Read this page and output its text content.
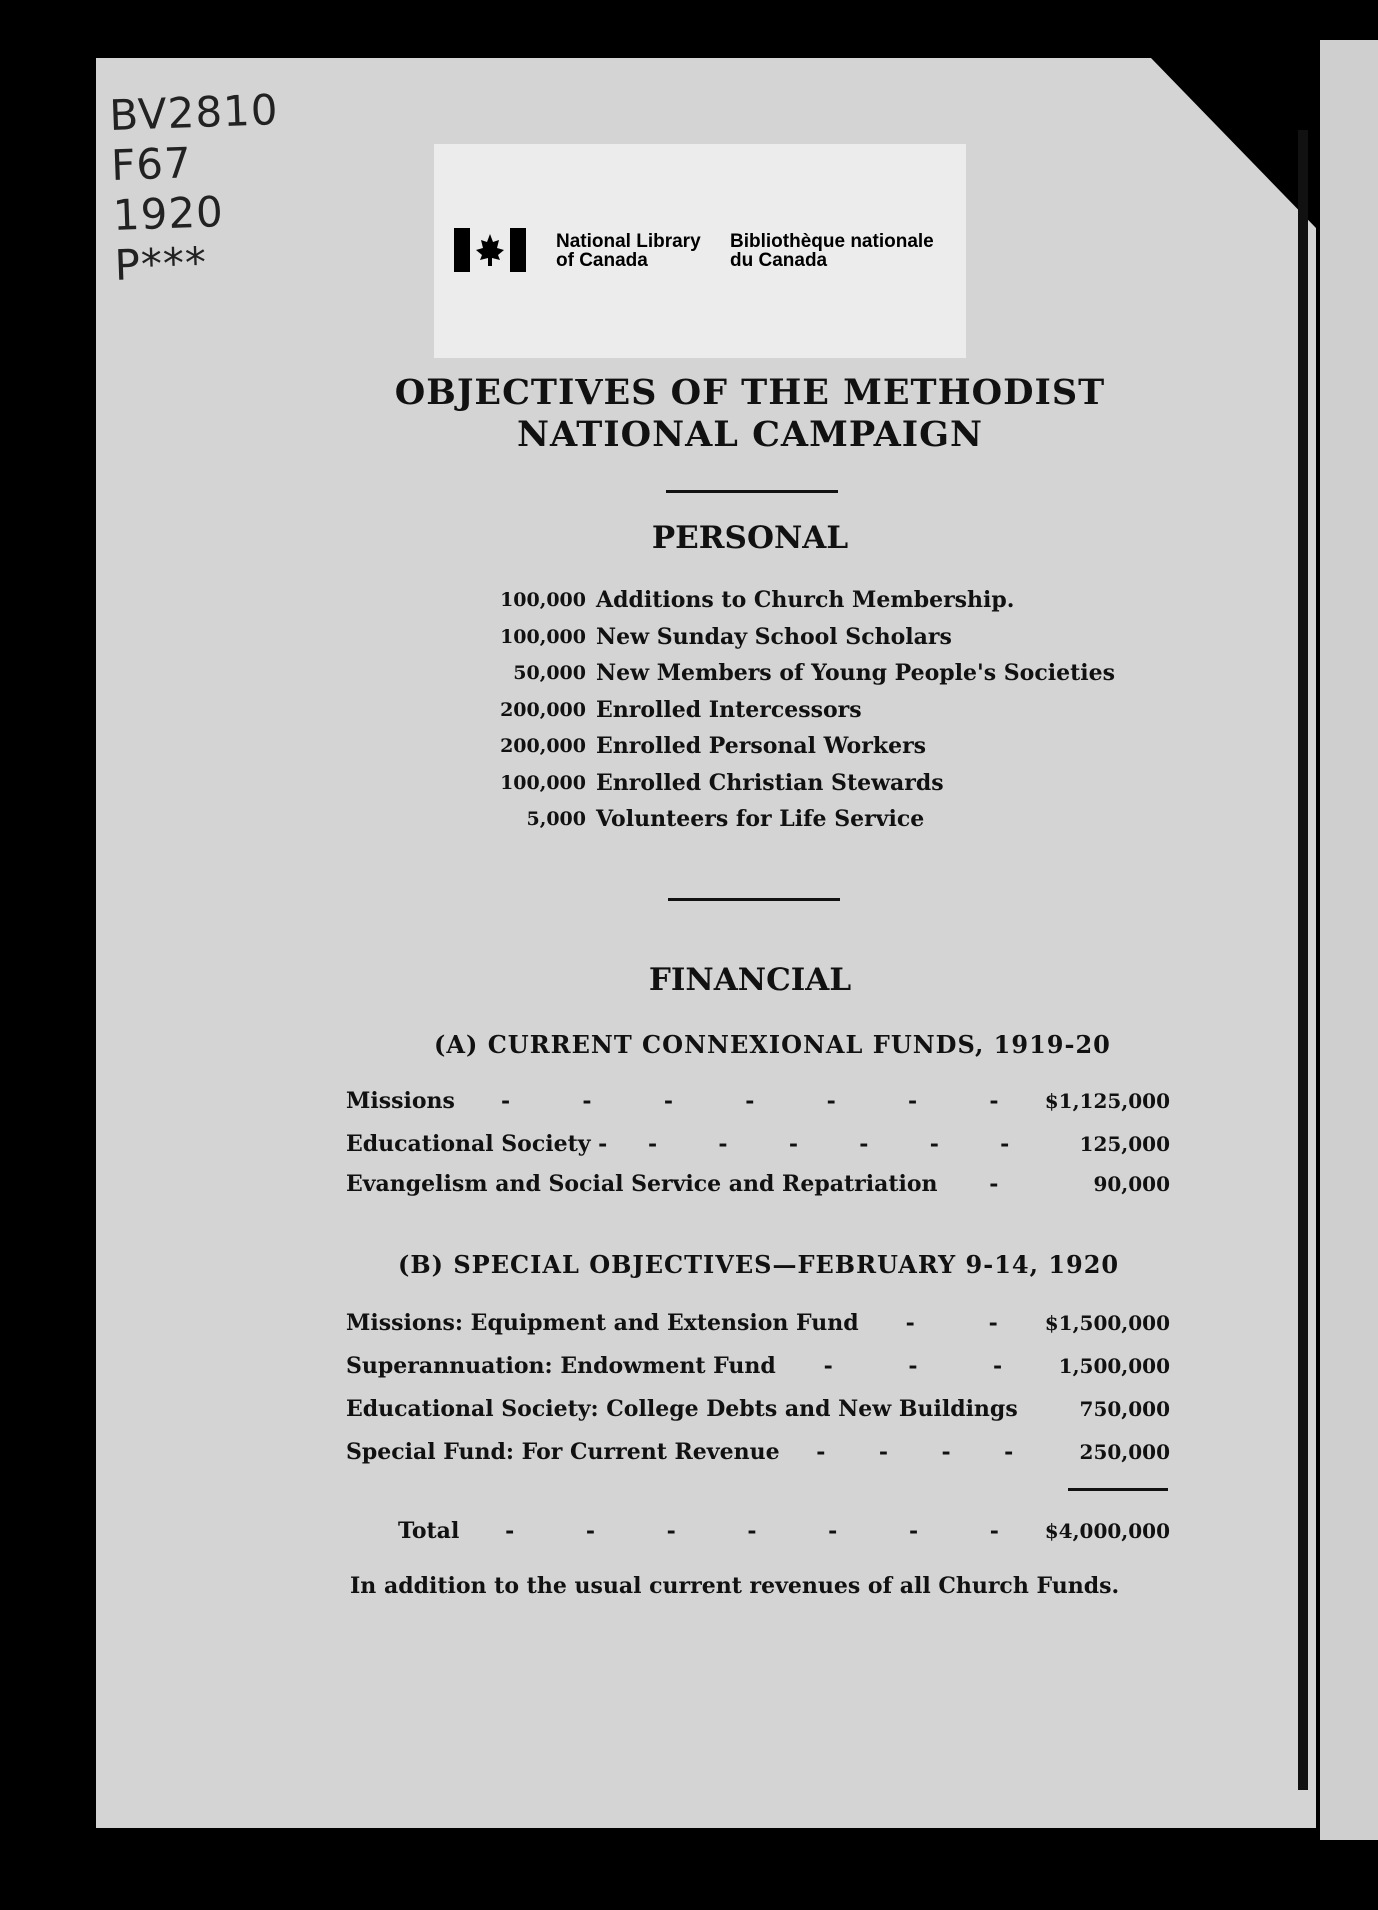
BV2810
F67
1920
P***	National Library
of Canada
Bibliothèque nationale
du Canada
OBJECTIVES OF THE METHODIST
NATIONAL CAMPAIGN
PERSONAL
100,000 Additions to Church Membership.
100,000 New Sunday School Scholars
50,000 New Members of Young People's Societies
200,000 Enrolled Intercessors
200,000 Enrolled Personal Workers
100,000 Enrolled Christian Stewards
5,000 Volunteers for Life Service
FINANCIAL
(A) CURRENT CONNEXIONAL FUNDS, 1919-20
Missions -	-	-	-	-	-	- $1,125,000
Educational Society - -	-	-	-	-	-	125,000
Evangelism and Social Service and Repatriation -	90,000
(B) SPECIAL OBJECTIVES—FEBRUARY 9-14, 1920
Missions: Equipment and Extension Fund -	- $1,500,000
Superannuation: Endowment Fund -	-	-	1,500,000
Educational Society: College Debts and New Buildings	750,000
Special Fund: For Current Revenue - - - -	250,000
Total -	-	-	-	-	-	- $4,000,000
In addition to the usual current revenues of all Church Funds.
